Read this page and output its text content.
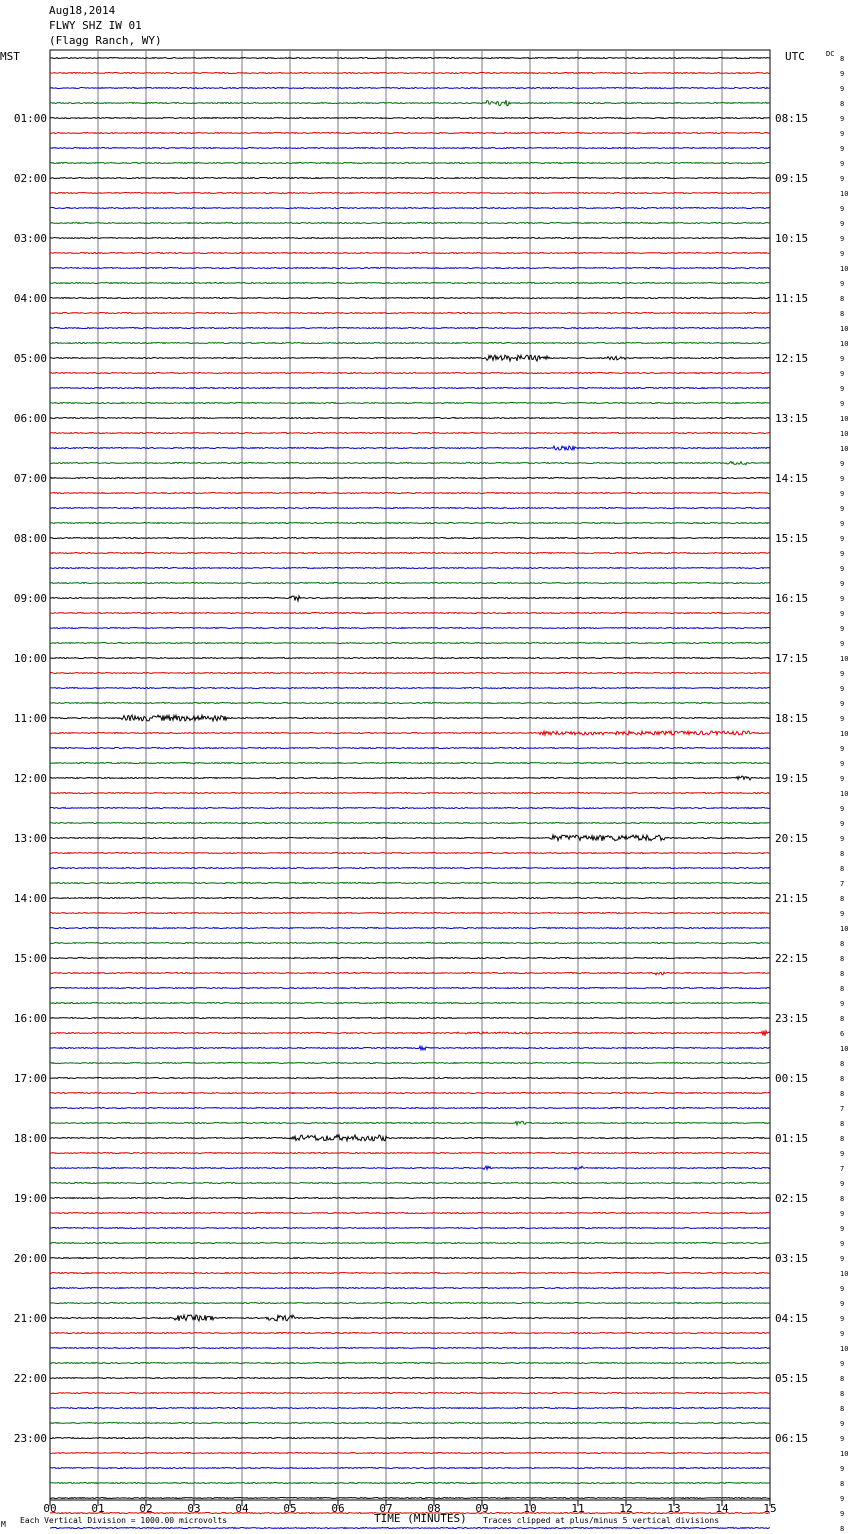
Aug18,2014
FLWY SHZ IW 01
(Flagg Ranch, WY)
00	01	02	03	04	05	06	07	08	09	10	11	12	13	14	15
8
9
9
8
9
9
9
9
9
10
9
9
9
9
10
9
8
8
10
10
9
9
9
9
10
10
10
9
9
9
9
9
9
9
9
9
9
9
9
9
10
9
9
9
9
10
9
9
9
10
9
9
9
8
8
7
8
9
10
8
8
8
8
9
8
6
10
8
8
8
7
8
8
9
7
9
8
9
9
9
9
10
9
9
9
9
10
9
8
8
8
9
9
10
9
8
9
9
8
01:00	08:15
02:00	09:15
03:00	10:15
04:00	11:15
05:00	12:15
06:00	13:15
07:00	14:15
08:00	15:15
09:00	16:15
10:00	17:15
11:00	18:15
12:00	19:15
13:00	20:15
14:00	21:15
15:00	22:15
16:00	23:15
17:00	00:15
18:00	01:15
19:00	02:15
20:00	03:15
21:00	04:15
22:00	05:15
23:00	06:15
MST	UTC	DC
TIME (MINUTES)
Each Vertical Division = 1000.00 microvolts	Traces clipped at plus/minus 5 vertical divisions
M
